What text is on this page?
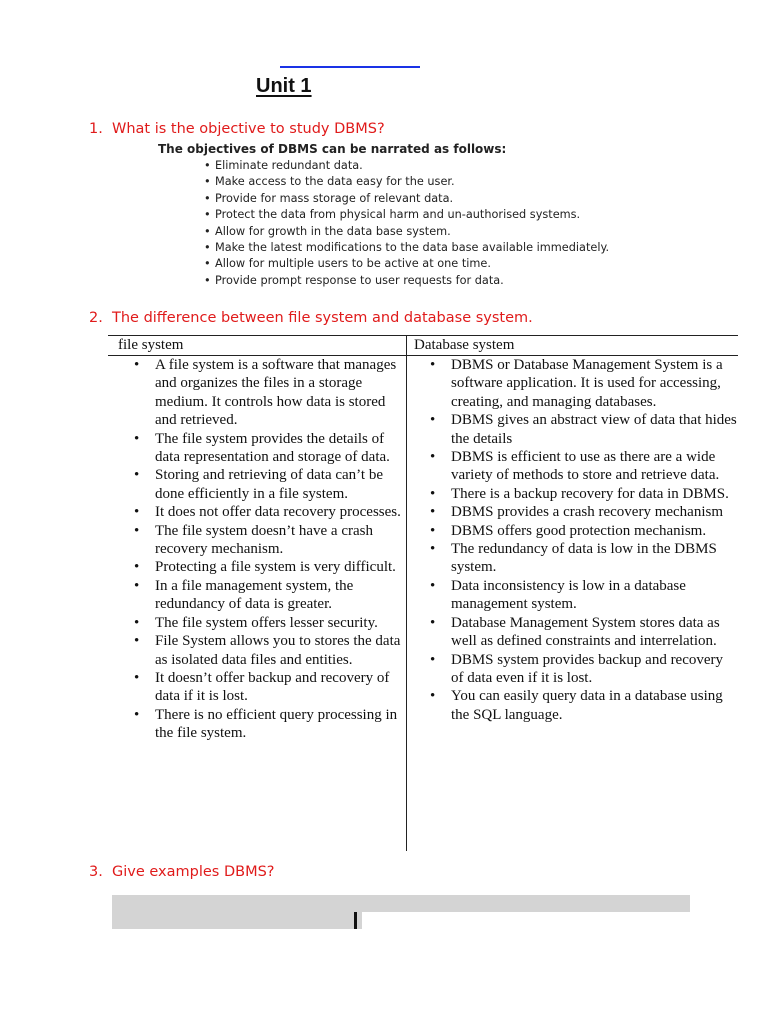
Unit 1
1. What is the objective to study DBMS?
The objectives of DBMS can be narrated as follows:
• Eliminate redundant data.
• Make access to the data easy for the user.
• Provide for mass storage of relevant data.
• Protect the data from physical harm and un-authorised systems.
• Allow for growth in the data base system.
• Make the latest modifications to the data base available immediately.
• Allow for multiple users to be active at one time.
• Provide prompt response to user requests for data.
2. The difference between file system and database system.
file system	Database system
• A file system is a software that manages and organizes the files in a storage medium. It controls how data is stored and retrieved.
• The file system provides the details of data representation and storage of data.
• Storing and retrieving of data can’t be done efficiently in a file system.
• It does not offer data recovery processes.
• The file system doesn’t have a crash recovery mechanism.
• Protecting a file system is very difficult.
• In a file management system, the redundancy of data is greater.
• The file system offers lesser security.
• File System allows you to stores the data as isolated data files and entities.
• It doesn’t offer backup and recovery of data if it is lost.
• There is no efficient query processing in the file system.
• DBMS or Database Management System is a software application. It is used for accessing, creating, and managing databases.
• DBMS gives an abstract view of data that hides the details
• DBMS is efficient to use as there are a wide variety of methods to store and retrieve data.
• There is a backup recovery for data in DBMS.
• DBMS provides a crash recovery mechanism
• DBMS offers good protection mechanism.
• The redundancy of data is low in the DBMS system.
• Data inconsistency is low in a database management system.
• Database Management System stores data as well as defined constraints and interrelation.
• DBMS system provides backup and recovery of data even if it is lost.
• You can easily query data in a database using the SQL language.
3. Give examples DBMS?
